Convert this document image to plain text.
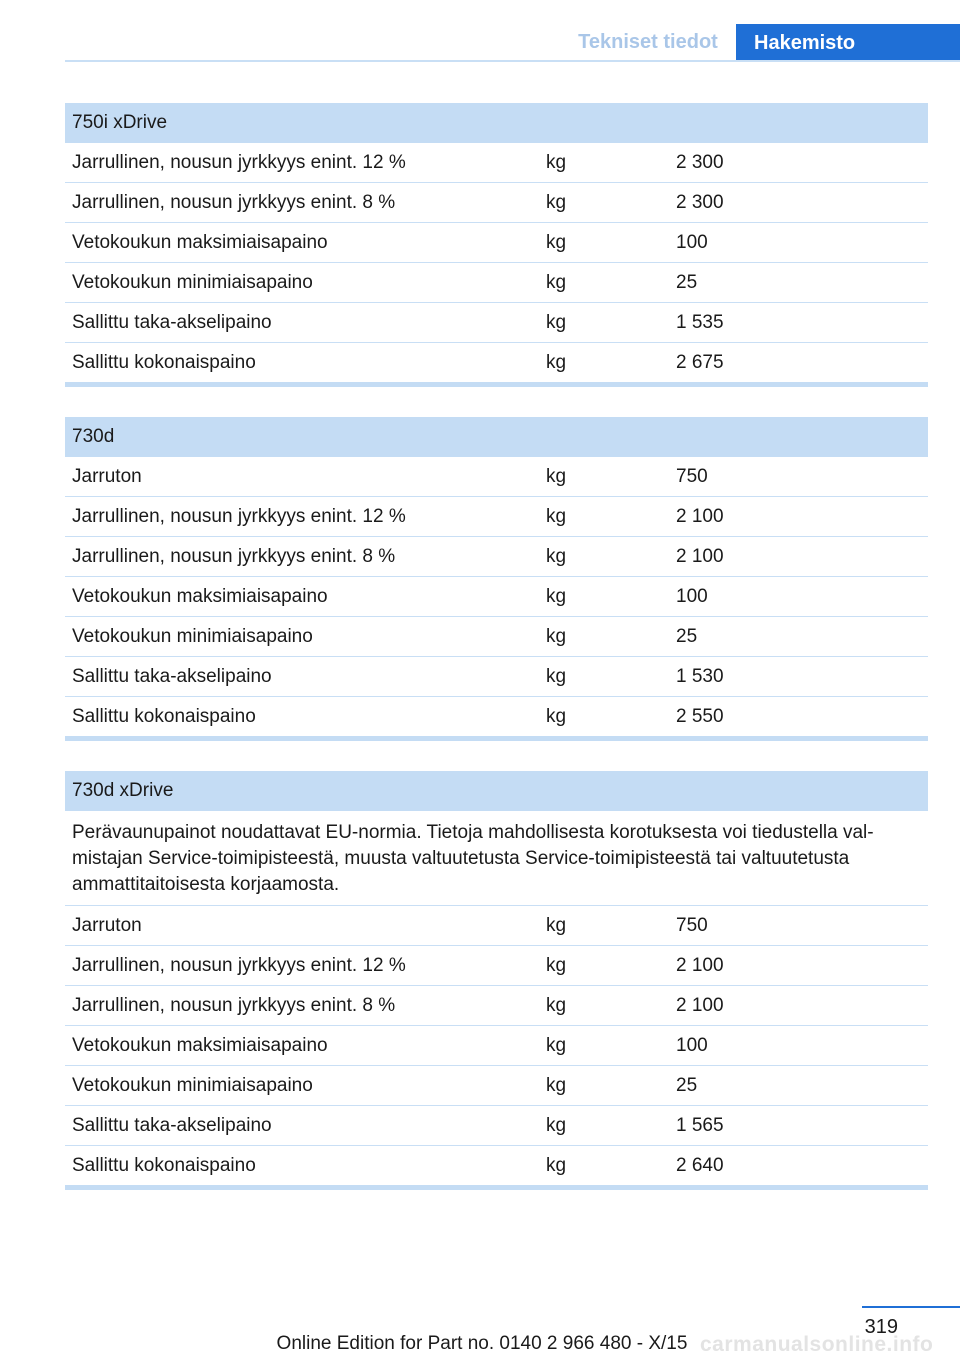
Tekniset tiedot	Hakemisto
750i xDrive
Jarrullinen, nousun jyrkkyys enint. 12 %	kg	2 300
Jarrullinen, nousun jyrkkyys enint. 8 %	kg	2 300
Vetokoukun maksimiaisapaino	kg	100
Vetokoukun minimiaisapaino	kg	25
Sallittu taka-akselipaino	kg	1 535
Sallittu kokonaispaino	kg	2 675
730d
Jarruton	kg	750
Jarrullinen, nousun jyrkkyys enint. 12 %	kg	2 100
Jarrullinen, nousun jyrkkyys enint. 8 %	kg	2 100
Vetokoukun maksimiaisapaino	kg	100
Vetokoukun minimiaisapaino	kg	25
Sallittu taka-akselipaino	kg	1 530
Sallittu kokonaispaino	kg	2 550
730d xDrive
Perävaunupainot noudattavat EU-normia. Tietoja mahdollisesta korotuksesta voi tiedustella val-
mistajan Service-toimipisteestä, muusta valtuutetusta Service-toimipisteestä tai valtuutetusta
ammattitaitoisesta korjaamosta.
Jarruton	kg	750
Jarrullinen, nousun jyrkkyys enint. 12 %	kg	2 100
Jarrullinen, nousun jyrkkyys enint. 8 %	kg	2 100
Vetokoukun maksimiaisapaino	kg	100
Vetokoukun minimiaisapaino	kg	25
Sallittu taka-akselipaino	kg	1 565
Sallittu kokonaispaino	kg	2 640
319
Online Edition for Part no. 0140 2 966 480 - X/15 carmanualsonline.info
